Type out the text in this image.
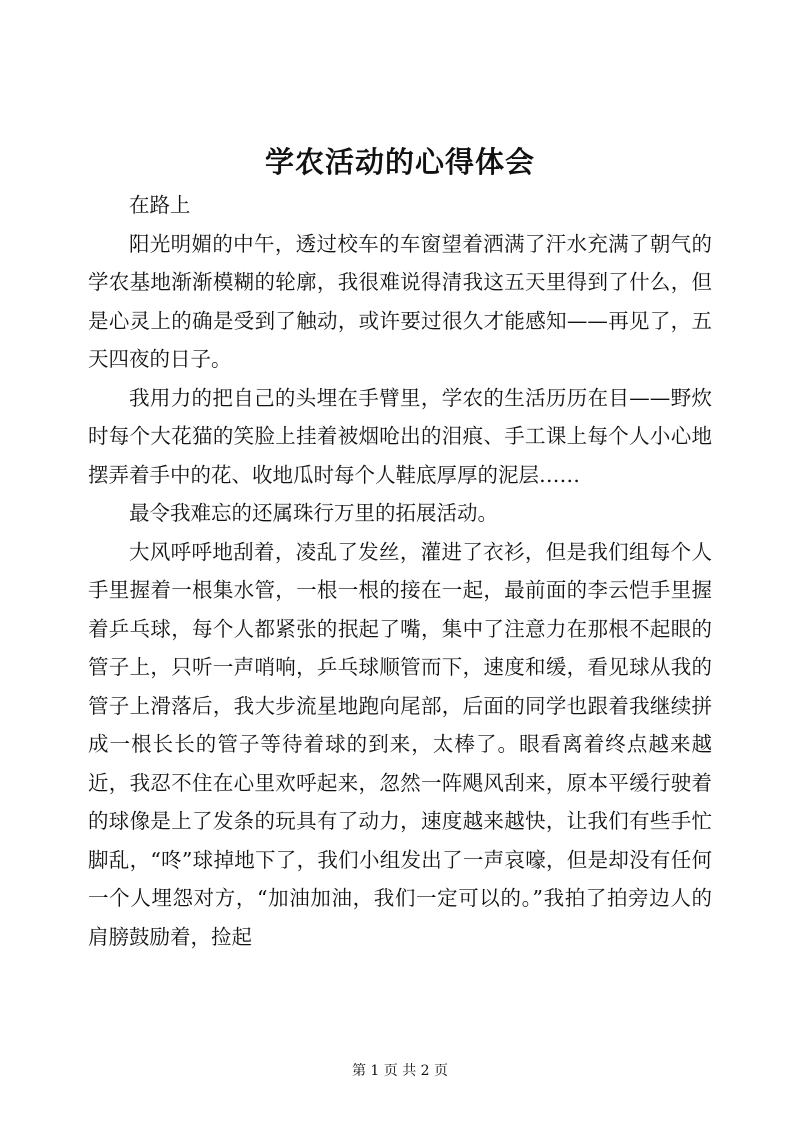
学农活动的心得体会

在路上

阳光明媚的中午，透过校车的车窗望着洒满了汗水充满了朝气的学农基地渐渐模糊的轮廓，我很难说得清我这五天里得到了什么，但是心灵上的确是受到了触动，或许要过很久才能感知——再见了，五天四夜的日子。

我用力的把自己的头埋在手臂里，学农的生活历历在目——野炊时每个大花猫的笑脸上挂着被烟呛出的泪痕、手工课上每个人小心地摆弄着手中的花、收地瓜时每个人鞋底厚厚的泥层……

最令我难忘的还属珠行万里的拓展活动。

大风呼呼地刮着，凌乱了发丝，灌进了衣衫，但是我们组每个人手里握着一根集水管，一根一根的接在一起，最前面的李云恺手里握着乒乓球，每个人都紧张的抿起了嘴，集中了注意力在那根不起眼的管子上，只听一声哨响，乒乓球顺管而下，速度和缓，看见球从我的管子上滑落后，我大步流星地跑向尾部，后面的同学也跟着我继续拼成一根长长的管子等待着球的到来，太棒了。眼看离着终点越来越近，我忍不住在心里欢呼起来，忽然一阵飓风刮来，原本平缓行驶着的球像是上了发条的玩具有了动力，速度越来越快，让我们有些手忙脚乱，“咚”球掉地下了，我们小组发出了一声哀嚎，但是却没有任何一个人埋怨对方，“加油加油，我们一定可以的。”我拍了拍旁边人的肩膀鼓励着，捡起

第 1 页 共 2 页
